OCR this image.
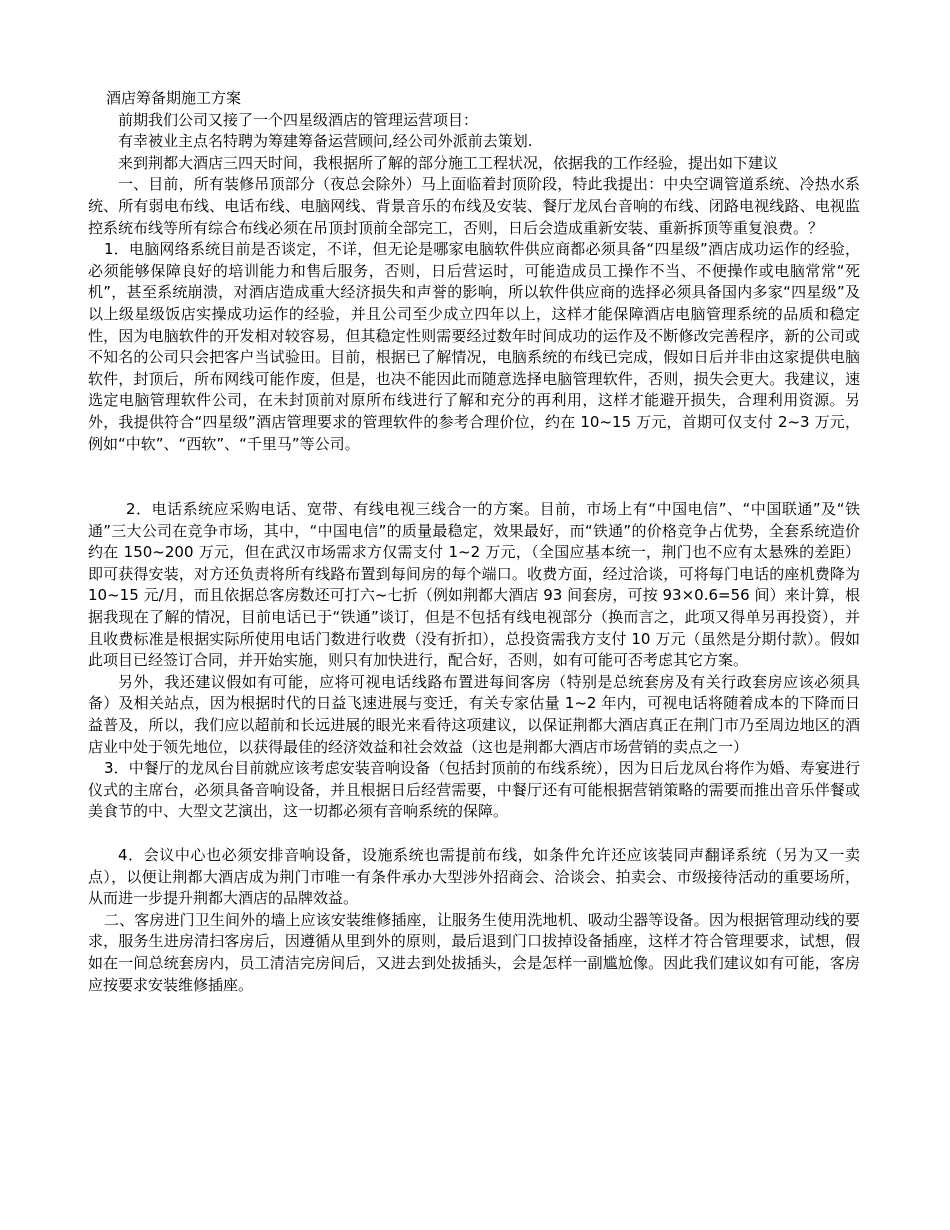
酒店筹备期施工方案

前期我们公司又接了一个四星级酒店的管理运营项目：

有幸被业主点名特聘为筹建筹备运营顾问,经公司外派前去策划.

来到荆都大酒店三四天时间，我根据所了解的部分施工工程状况，依据我的工作经验，提出如下建议

一、目前，所有装修吊顶部分（夜总会除外）马上面临着封顶阶段，特此我提出：中央空调管道系统、冷热水系统、所有弱电布线、电话布线、电脑网线、背景音乐的布线及安装、餐厅龙凤台音响的布线、闭路电视线路、电视监控系统布线等所有综合布线必须在吊顶封顶前全部完工，否则，日后会造成重新安装、重新拆顶等重复浪费。？

1．电脑网络系统目前是否谈定，不详，但无论是哪家电脑软件供应商都必须具备“四星级”酒店成功运作的经验，必须能够保障良好的培训能力和售后服务，否则，日后营运时，可能造成员工操作不当、不便操作或电脑常常“死机”，甚至系统崩溃，对酒店造成重大经济损失和声誉的影响，所以软件供应商的选择必须具备国内多家“四星级”及以上级星级饭店实操成功运作的经验，并且公司至少成立四年以上，这样才能保障酒店电脑管理系统的品质和稳定性，因为电脑软件的开发相对较容易，但其稳定性则需要经过数年时间成功的运作及不断修改完善程序，新的公司或不知名的公司只会把客户当试验田。目前，根据已了解情况，电脑系统的布线已完成，假如日后并非由这家提供电脑软件，封顶后，所布网线可能作废，但是，也决不能因此而随意选择电脑管理软件，否则，损失会更大。我建议，速选定电脑管理软件公司，在未封顶前对原所布线进行了解和充分的再利用，这样才能避开损失，合理利用资源。另外，我提供符合“四星级”酒店管理要求的管理软件的参考合理价位，约在 10~15 万元，首期可仅支付 2~3 万元，例如“中软”、“西软”、“千里马”等公司。

2．电话系统应采购电话、宽带、有线电视三线合一的方案。目前，市场上有“中国电信”、“中国联通”及“铁通”三大公司在竞争市场，其中，“中国电信”的质量最稳定，效果最好，而“铁通”的价格竞争占优势，全套系统造价约在 150~200 万元，但在武汉市场需求方仅需支付 1~2 万元，（全国应基本统一，荆门也不应有太悬殊的差距）即可获得安装，对方还负责将所有线路布置到每间房的每个端口。收费方面，经过洽谈，可将每门电话的座机费降为 10~15 元/月，而且依据总客房数还可打六~七折（例如荆都大酒店 93 间套房，可按 93×0.6=56 间）来计算，根据我现在了解的情况，目前电话已于“铁通”谈订，但是不包括有线电视部分（换而言之，此项又得单另再投资），并且收费标准是根据实际所使用电话门数进行收费（没有折扣），总投资需我方支付 10 万元（虽然是分期付款）。假如此项目已经签订合同，并开始实施，则只有加快进行，配合好，否则，如有可能可否考虑其它方案。

另外，我还建议假如有可能，应将可视电话线路布置进每间客房（特别是总统套房及有关行政套房应该必须具备）及相关站点，因为根据时代的日益飞速进展与变迁，有关专家估量 1~2 年内，可视电话将随着成本的下降而日益普及，所以，我们应以超前和长远进展的眼光来看待这项建议，以保证荆都大酒店真正在荆门市乃至周边地区的酒店业中处于领先地位，以获得最佳的经济效益和社会效益（这也是荆都大酒店市场营销的卖点之一）

3．中餐厅的龙凤台目前就应该考虑安装音响设备（包括封顶前的布线系统），因为日后龙凤台将作为婚、寿宴进行仪式的主席台，必须具备音响设备，并且根据日后经营需要，中餐厅还有可能根据营销策略的需要而推出音乐伴餐或美食节的中、大型文艺演出，这一切都必须有音响系统的保障。

4．会议中心也必须安排音响设备，设施系统也需提前布线，如条件允许还应该装同声翻译系统（另为又一卖点），以便让荆都大酒店成为荆门市唯一有条件承办大型涉外招商会、洽谈会、拍卖会、市级接待活动的重要场所，从而进一步提升荆都大酒店的品牌效益。

二、客房进门卫生间外的墙上应该安装维修插座，让服务生使用洗地机、吸动尘器等设备。因为根据管理动线的要求，服务生进房清扫客房后，因遵循从里到外的原则，最后退到门口拔掉设备插座，这样才符合管理要求，试想，假如在一间总统套房内，员工清洁完房间后，又进去到处拔插头，会是怎样一副尴尬像。因此我们建议如有可能，客房应按要求安装维修插座。
